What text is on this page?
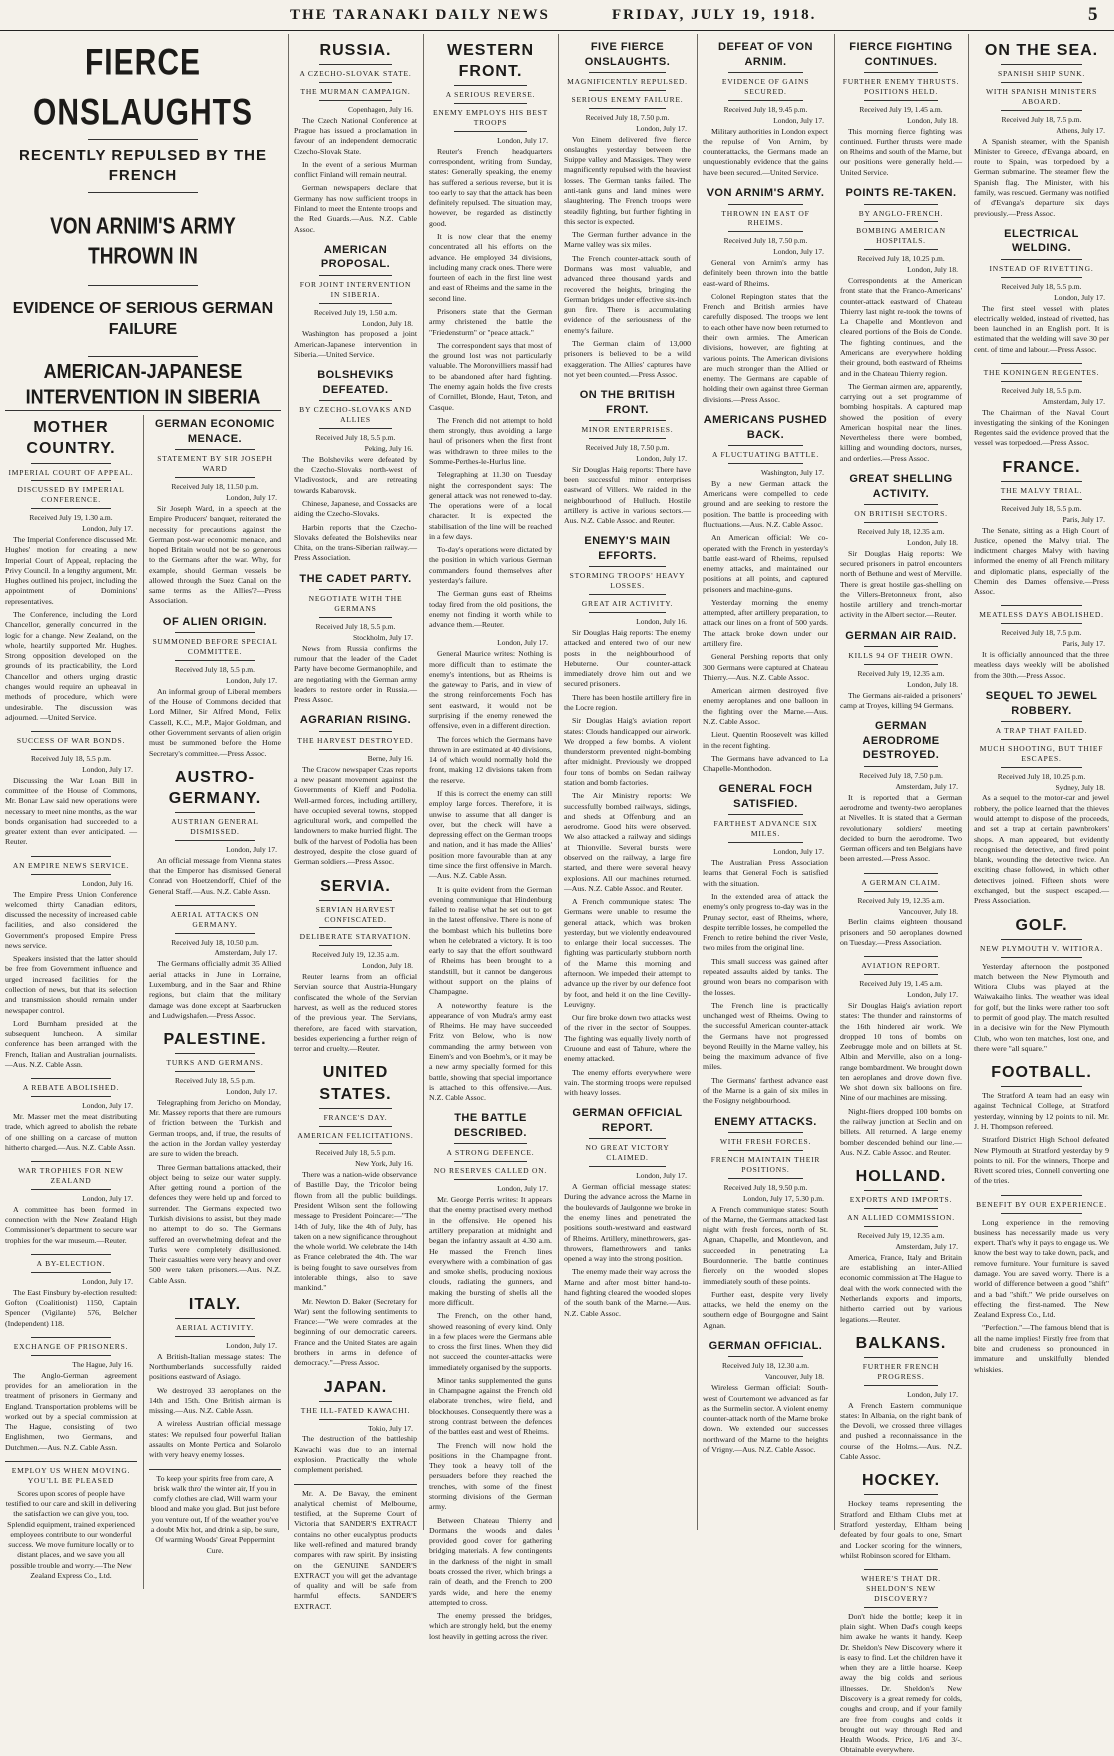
THE TARANAKI DAILY NEWS	FRIDAY, JULY 19, 1918.	5
FIERCE ONSLAUGHTS
RECENTLY REPULSED BY THE FRENCH
VON ARNIM'S ARMY THROWN IN
EVIDENCE OF SERIOUS GERMAN FAILURE
AMERICAN-JAPANESE INTERVENTION IN SIBERIA
MOTHER COUNTRY.
IMPERIAL COURT OF APPEAL.
DISCUSSED BY IMPERIAL CONFERENCE.
Received July 19, 1.30 a.m.
London, July 17.

The Imperial Conference discussed Mr. Hughes' motion for creating a new Imperial Court of Appeal, replacing the Privy Council. In a lengthy argument, Mr. Hughes outlined his project, including the appointment of Dominions' representatives.

The Conference, including the Lord Chancellor, generally concurred in the logic for a change. New Zealand, on the whole, heartily supported Mr. Hughes. Strong opposition developed on the grounds of its practicability, the Lord Chancellor and others urging drastic changes would require an upheaval in methods of procedure, which were undesirable. The discussion was adjourned. —United Service.

SUCCESS OF WAR BONDS.
Received July 18, 5.5 p.m.
London, July 17.

Discussing the War Loan Bill in committee of the House of Commons, Mr. Bonar Law said new operations were necessary to meet nine months, as the war bonds organisation had succeeded to a greater extent than ever anticipated. —Reuter.

AN EMPIRE NEWS SERVICE.
London, July 16.

The Empire Press Union Conference welcomed thirty Canadian editors, discussed the necessity of increased cable facilities, and also considered the Government's proposed Empire Press news service.

Speakers insisted that the latter should be free from Government influence and urged increased facilities for the collection of news, but that its selection and transmission should remain under newspaper control.

Lord Burnham presided at the subsequent luncheon. A similar conference has been arranged with the French, Italian and Australian journalists.—Aus. N.Z. Cable Assn.

A REBATE ABOLISHED.
London, July 17.

Mr. Masser met the meat distributing trade, which agreed to abolish the rebate of one shilling on a carcase of mutton hitherto charged.—Aus. N.Z. Cable Assn.

WAR TROPHIES FOR NEW ZEALAND
London, July 17.

A committee has been formed in connection with the New Zealand High Commissioner's department to secure war trophies for the war museum.—Reuter.

A BY-ELECTION.
London, July 17.

The East Finsbury by-election resulted: Gofton (Coalitionist) 1150, Captain Spencer (Vigilante) 576, Belcher (Independent) 118.

EXCHANGE OF PRISONERS.
The Hague, July 16.

The Anglo-German agreement provides for an amelioration in the treatment of prisoners in Germany and England. Transportation problems will be worked out by a special commission at The Hague, consisting of two Englishmen, two Germans, and Dutchmen.—Aus. N.Z. Cable Assn.

EMPLOY US WHEN MOVING. YOU'LL BE PLEASED

Scores upon scores of people have testified to our care and skill in delivering the satisfaction we can give you, too. Splendid equipment, trained experienced employees contribute to our wonderful success. We move furniture locally or to distant places, and we save you all possible trouble and worry.—The New Zealand Express Co., Ltd.

GERMAN ECONOMIC MENACE.
STATEMENT BY SIR JOSEPH WARD
Received July 18, 11.50 p.m.
London, July 17.

Sir Joseph Ward, in a speech at the Empire Producers' banquet, reiterated the necessity for precautions against the German post-war economic menace, and hoped Britain would not be so generous to the Germans after the war. Why, for example, should German vessels be allowed through the Suez Canal on the same terms as the Allies'?—Press Association.

OF ALIEN ORIGIN.
SUMMONED BEFORE SPECIAL COMMITTEE.
Received July 18, 5.5 p.m.
London, July 17.

An informal group of Liberal members of the House of Commons decided that Lord Milner, Sir Alfred Mond, Felix Cassell, K.C., M.P., Major Goldman, and other Government servants of alien origin must be summoned before the Home Secretary's committee.—Press Assoc.

AUSTRO-GERMANY.
AUSTRIAN GENERAL DISMISSED.
London, July 17.

An official message from Vienna states that the Emperor has dismissed General Conrad von Hoetzendorff, Chief of the General Staff.—Aus. N.Z. Cable Assn.

AERIAL ATTACKS ON GERMANY.
Received July 18, 10.50 p.m.
Amsterdam, July 17.

The Germans officially admit 35 Allied aerial attacks in June in Lorraine, Luxemburg, and in the Saar and Rhine regions, but claim that the military damage was done except at Saarbrucken and Ludwigshafen.—Press Assoc.

PALESTINE.
TURKS AND GERMANS.
Received July 18, 5.5 p.m.
London, July 17.

Telegraphing from Jericho on Monday, Mr. Massey reports that there are rumours of friction between the Turkish and German troops, and, if true, the results of the action in the Jordan valley yesterday are sure to widen the breach.

Three German battalions attacked, their object being to seize our water supply. After getting round a portion of the defences they were held up and forced to surrender. The Germans expected two Turkish divisions to assist, but they made no attempt to do so. The Germans suffered an overwhelming defeat and the Turks were completely disillusioned. Their casualties were very heavy and over 500 were taken prisoners.—Aus. N.Z. Cable Assn.

ITALY.
AERIAL ACTIVITY.
London, July 17.

A British-Italian message states: The Northumberlands successfully raided positions eastward of Asiago.

We destroyed 33 aeroplanes on the 14th and 15th. One British airman is missing.—Aus. N.Z. Cable Assn.

A wireless Austrian official message states: We repulsed four powerful Italian assaults on Monte Pertica and Solarolo with very heavy enemy losses.

To keep your spirits free from care, A brisk walk thro' the winter air, If you in comfy clothes are clad, Will warm your blood and make you glad. But just before you venture out, If of the weather you've a doubt Mix hot, and drink a sip, be sure, Of warming Woods' Great Peppermint Cure.

RUSSIA.
A CZECHO-SLOVAK STATE.
THE MURMAN CAMPAIGN.
Copenhagen, July 16.

The Czech National Conference at Prague has issued a proclamation in favour of an independent democratic Czecho-Slovak State.

In the event of a serious Murman conflict Finland will remain neutral.

German newspapers declare that Germany has now sufficient troops in Finland to meet the Entente troops and the Red Guards.—Aus. N.Z. Cable Assoc.

AMERICAN PROPOSAL.
FOR JOINT INTERVENTION IN SIBERIA.
Received July 19, 1.50 a.m.
London, July 18.

Washington has proposed a joint American-Japanese intervention in Siberia.—United Service.

BOLSHEVIKS DEFEATED.
BY CZECHO-SLOVAKS AND ALLIES
Received July 18, 5.5 p.m.
Peking, July 16.

The Bolsheviks were defeated by the Czecho-Slovaks north-west of Vladivostock, and are retreating towards Kabarovsk.

Chinese, Japanese, and Cossacks are aiding the Czecho-Slovaks.

Harbin reports that the Czecho-Slovaks defeated the Bolsheviks near Chita, on the trans-Siberian railway.—Press Association.

THE CADET PARTY.
NEGOTIATE WITH THE GERMANS
Received July 18, 5.5 p.m.
Stockholm, July 17.

News from Russia confirms the rumour that the leader of the Cadet Party have become Germanophile, and are negotiating with the German army leaders to restore order in Russia.—Press Assoc.

AGRARIAN RISING.
THE HARVEST DESTROYED.
Berne, July 16.

The Cracow newspaper Czas reports a new peasant movement against the Governments of Kieff and Podolia. Well-armed forces, including artillery, have occupied several towns, stopped agricultural work, and compelled the landowners to make hurried flight. The bulk of the harvest of Podolia has been destroyed, despite the close guard of German soldiers.—Press Assoc.

SERVIA.
SERVIAN HARVEST CONFISCATED.
DELIBERATE STARVATION.
Received July 19, 12.35 a.m.
London, July 18.

Reuter learns from an official Servian source that Austria-Hungary confiscated the whole of the Servian harvest, as well as the reduced stores of the previous year. The Servians, therefore, are faced with starvation, besides experiencing a further reign of terror and cruelty.—Reuter.

UNITED STATES.
FRANCE'S DAY.
AMERICAN FELICITATIONS.
Received July 18, 5.5 p.m.
New York, July 16.

There was a nation-wide observance of Bastille Day, the Tricolor being flown from all the public buildings. President Wilson sent the following message to President Poincare:—"The 14th of July, like the 4th of July, has taken on a new significance throughout the whole world. We celebrate the 14th as France celebrated the 4th. The war is being fought to save ourselves from intolerable things, also to save mankind."

Mr. Newton D. Baker (Secretary for War) sent the following sentiments to France:—"We were comrades at the beginning of our democratic careers. France and the United States are again brothers in arms in defence of democracy."—Press Assoc.

JAPAN.
THE ILL-FATED KAWACHI.
Tokio, July 17.

The destruction of the battleship Kawachi was due to an internal explosion. Practically the whole complement perished.

Mr. A. De Bavay, the eminent analytical chemist of Melbourne, testified, at the Supreme Court of Victoria that SANDER'S EXTRACT contains no other eucalyptus products like well-refined and matured brandy compares with raw spirit. By insisting on the GENUINE SANDER'S EXTRACT you will get the advantage of quality and will be safe from harmful effects. SANDER'S EXTRACT.

WESTERN FRONT.
A SERIOUS REVERSE.
ENEMY EMPLOYS HIS BEST TROOPS
London, July 17.

Reuter's French headquarters correspondent, writing from Sunday, states: Generally speaking, the enemy has suffered a serious reverse, but it is too early to say that the attack has been definitely repulsed. The situation may, however, be regarded as distinctly good.

It is now clear that the enemy concentrated all his efforts on the advance. He employed 34 divisions, including many crack ones. There were fourteen of each in the first line west and east of Rheims and the same in the second line.

Prisoners state that the German army christened the battle the "Friedensturm" or "peace attack."

The correspondent says that most of the ground lost was not particularly valuable. The Moronvilliers massif had to be abandoned after hard fighting. The enemy again holds the five crests of Cornillet, Blonde, Haut, Teton, and Casque.

The French did not attempt to hold them strongly, thus avoiding a large haul of prisoners when the first front was withdrawn to three miles to the Somme-Perthes-le-Hurlus line.

Telegraphing at 11.30 on Tuesday night the correspondent says: The general attack was not renewed to-day. The operations were of a local character. It is expected the stabilisation of the line will be reached in a few days.

To-day's operations were dictated by the position in which various German commanders found themselves after yesterday's failure.

The German guns east of Rheims today fired from the old positions, the enemy not finding it worth while to advance them.—Reuter.

London, July 17.

General Maurice writes: Nothing is more difficult than to estimate the enemy's intentions, but as Rheims is the gateway to Paris, and in view of the strong reinforcements Foch has sent eastward, it would not be surprising if the enemy renewed the offensive, even in a different direction.

The forces which the Germans have thrown in are estimated at 40 divisions, 14 of which would normally hold the front, making 12 divisions taken from the reserve.

If this is correct the enemy can still employ large forces. Therefore, it is unwise to assume that all danger is over, but the check will have a depressing effect on the German troops and nation, and it has made the Allies' position more favourable than at any time since the first offensive in March.—Aus. N.Z. Cable Assn.

It is quite evident from the German evening communique that Hindenburg failed to realise what he set out to get in the latest offensive. There is none of the bombast which his bulletins bore when he celebrated a victory. It is too early to say that the effort southward of Rheims has been brought to a standstill, but it cannot be dangerous without support on the plains of Champagne.

A noteworthy feature is the appearance of von Mudra's army east of Rheims. He may have succeeded Fritz von Below, who is now commanding the army between von Einem's and von Boehm's, or it may be a new army specially formed for this battle, showing that special importance is attached to this offensive.—Aus. N.Z. Cable Assoc.

THE BATTLE DESCRIBED.
A STRONG DEFENCE.
NO RESERVES CALLED ON.
London, July 17.

Mr. George Perris writes: It appears that the enemy practised every method in the offensive. He opened his artillery preparation at midnight and began the infantry assault at 4.30 a.m. He massed the French lines everywhere with a combination of gas and smoke shells, producing noxious clouds, radiating the gunners, and making the bursting of shells all the more difficult.

The French, on the other hand, showed reasoning of every kind. Only in a few places were the Germans able to cross the first lines. When they did not succeed the counter-attacks were immediately organised by the supports.

Minor tanks supplemented the guns in Champagne against the French old elaborate trenches, wire field, and blockhouses. Consequently there was a strong contrast between the defences of the battles east and west of Rheims.

The French will now hold the positions in the Champagne front. They took a heavy toll of the persuaders before they reached the trenches, with some of the finest storming divisions of the German army.

Between Chateau Thierry and Dormans the woods and dales provided good cover for gathering bridging materials. A few contingents in the darkness of the night in small boats crossed the river, which brings a rain of death, and the French to 200 yards wide, and here the enemy attempted to cross.

The enemy pressed the bridges, which are strongly held, but the enemy lost heavily in getting across the river.

FIVE FIERCE ONSLAUGHTS.
MAGNIFICENTLY REPULSED.
SERIOUS ENEMY FAILURE.
Received July 18, 7.50 p.m.
London, July 17.

Von Einem delivered five fierce onslaughts yesterday between the Suippe valley and Massiges. They were magnificently repulsed with the heaviest losses. The German tanks failed. The anti-tank guns and land mines were slaughtering. The French troops were steadily fighting, but further fighting in this sector is expected.

The German further advance in the Marne valley was six miles.

The French counter-attack south of Dormans was most valuable, and advanced three thousand yards and recovered the heights, bringing the German bridges under effective six-inch gun fire. There is accumulating evidence of the seriousness of the enemy's failure.

The German claim of 13,000 prisoners is believed to be a wild exaggeration. The Allies' captures have not yet been counted.—Press Assoc.

ON THE BRITISH FRONT.
MINOR ENTERPRISES.
Received July 18, 7.50 p.m.
London, July 17.

Sir Douglas Haig reports: There have been successful minor enterprises eastward of Villers. We raided in the neighbourhood of Hulluch. Hostile artillery is active in various sectors.—Aus. N.Z. Cable Assoc. and Reuter.

ENEMY'S MAIN EFFORTS.
STORMING TROOPS' HEAVY LOSSES.
GREAT AIR ACTIVITY.
London, July 16.

Sir Douglas Haig reports: The enemy attacked and entered two of our new posts in the neighbourhood of Hebuterne. Our counter-attack immediately drove him out and we secured prisoners.

There has been hostile artillery fire in the Locre region.

Sir Douglas Haig's aviation report states: Clouds handicapped our airwork. We dropped a few bombs. A violent thunderstorm prevented night-bombing after midnight. Previously we dropped four tons of bombs on Sedan railway station and bomb factories.

The Air Ministry reports: We successfully bombed railways, sidings, and sheds at Offenburg and an aerodrome. Good hits were observed. We also attacked a railway and sidings at Thionville. Several bursts were observed on the railway, a large fire started, and there were several heavy explosions. All our machines returned.—Aus. N.Z. Cable Assoc. and Reuter.

A French communique states: The Germans were unable to resume the general attack, which was broken yesterday, but we violently endeavoured to enlarge their local successes. The fighting was particularly stubborn north of the Marne this morning and afternoon. We impeded their attempt to advance up the river by our defence foot by foot, and held it on the line Cevilly-Leuvigny.

Our fire broke down two attacks west of the river in the sector of Souppes. The fighting was equally lively north of Cruoune and east of Tahure, where the enemy attacked.

The enemy efforts everywhere were vain. The storming troops were repulsed with heavy losses.

GERMAN OFFICIAL REPORT.
NO GREAT VICTORY CLAIMED.
London, July 17.

A German official message states: During the advance across the Marne in the boulevards of Jaulgonne we broke in the enemy lines and penetrated the positions south-westward and eastward of Rheims. Artillery, minethrowers, gas-throwers, flamethrowers and tanks opened a way into the strong position.

The enemy made their way across the Marne and after most bitter hand-to-hand fighting cleared the wooded slopes of the south bank of the Marne.—Aus. N.Z. Cable Assoc.

DEFEAT OF VON ARNIM.
EVIDENCE OF GAINS SECURED.
Received July 18, 9.45 p.m.
London, July 17.

Military authorities in London expect the repulse of Von Arnim, by counterattacks, the Germans made an unquestionably evidence that the gains have been secured.—United Service.

VON ARNIM'S ARMY.
THROWN IN EAST OF RHEIMS.
Received July 18, 7.50 p.m.
London, July 17.

General von Arnim's army has definitely been thrown into the battle east-ward of Rheims.

Colonel Repington states that the French and British armies have carefully disposed. The troops we lent to each other have now been returned to their own armies. The American divisions, however, are fighting at various points. The American divisions are much stronger than the Allied or enemy. The Germans are capable of holding their own against three German divisions.—Press Assoc.

AMERICANS PUSHED BACK.
A FLUCTUATING BATTLE.
Washington, July 17.

By a new German attack the Americans were compelled to cede ground and are seeking to restore the position. The battle is proceeding with fluctuations.—Aus. N.Z. Cable Assoc.

An American official: We co-operated with the French in yesterday's battle east-ward of Rheims, repulsed enemy attacks, and maintained our positions at all points, and captured prisoners and machine-guns.

Yesterday morning the enemy attempted, after artillery preparation, to attack our lines on a front of 500 yards. The attack broke down under our artillery fire.

General Pershing reports that only 300 Germans were captured at Chateau Thierry.—Aus. N.Z. Cable Assoc.

American airmen destroyed five enemy aeroplanes and one balloon in the fighting over the Marne.—Aus. N.Z. Cable Assoc.

Lieut. Quentin Roosevelt was killed in the recent fighting.

The Germans have advanced to La Chapelle-Monthodon.

GENERAL FOCH SATISFIED.
FARTHEST ADVANCE SIX MILES.
London, July 17.

The Australian Press Association learns that General Foch is satisfied with the situation.

In the extended area of attack the enemy's only progress to-day was in the Prunay sector, east of Rheims, where, despite terrible losses, he compelled the French to retire behind the river Vesle, two miles from the original line.

This small success was gained after repeated assaults aided by tanks. The ground won bears no comparison with the losses.

The French line is practically unchanged west of Rheims. Owing to the successful American counter-attack the Germans have not progressed beyond Reuilly in the Marne valley, his being the maximum advance of five miles.

The Germans' farthest advance east of the Marne is a gain of six miles in the Fosigny neighbourhood.

ENEMY ATTACKS.
WITH FRESH FORCES.
FRENCH MAINTAIN THEIR POSITIONS.
Received July 18, 9.50 p.m.
London, July 17, 5.30 p.m.

A French communique states: South of the Marne, the Germans attacked last night with fresh forces, north of St. Agnan, Chapelle, and Montlevon, and succeeded in penetrating La Bourdonnerie. The battle continues fiercely on the wooded slopes immediately south of these points.

Further east, despite very lively attacks, we held the enemy on the southern edge of Bourgogne and Saint Agnan.

GERMAN OFFICIAL.
Received July 18, 12.30 a.m.
Vancouver, July 18.

Wireless German official: South-west of Courtemont we advanced as far as the Surmelin sector. A violent enemy counter-attack north of the Marne broke down. We extended our successes northward of the Marne to the heights of Vrigny.—Aus. N.Z. Cable Assoc.

FIERCE FIGHTING CONTINUES.
FURTHER ENEMY THRUSTS. POSITIONS HELD.
Received July 19, 1.45 a.m.
London, July 18.

This morning fierce fighting was continued. Further thrusts were made on Rheims and south of the Marne, but our positions were generally held.—United Service.

POINTS RE-TAKEN.
BY ANGLO-FRENCH.
BOMBING AMERICAN HOSPITALS.
Received July 18, 10.25 p.m.
London, July 18.

Correspondents at the American front state that the Franco-Americans' counter-attack eastward of Chateau Thierry last night re-took the towns of La Chapelle and Montlevon and cleared portions of the Bois de Conde. The fighting continues, and the Americans are everywhere holding their ground, both eastward of Rheims and in the Chateau Thierry region.

The German airmen are, apparently, carrying out a set programme of bombing hospitals. A captured map showed the position of every American hospital near the lines. Nevertheless there were bombed, killing and wounding doctors, nurses, and orderlies.—Press Assoc.

GREAT SHELLING ACTIVITY.
ON BRITISH SECTORS.
Received July 18, 12.35 a.m.
London, July 18.

Sir Douglas Haig reports: We secured prisoners in patrol encounters north of Bethune and west of Merville. There is great hostile gas-shelling on the Villers-Bretonneux front, also hostile artillery and trench-mortar activity in the Albert sector.—Reuter.

GERMAN AIR RAID.
KILLS 94 OF THEIR OWN.
Received July 19, 12.35 a.m.
London, July 18.

The Germans air-raided a prisoners' camp at Troyes, killing 94 Germans.

GERMAN AERODROME DESTROYED.
Received July 18, 7.50 p.m.
Amsterdam, July 17.

It is reported that a German aerodrome and twenty-two aeroplanes at Nivelles. It is stated that a German revolutionary soldiers' meeting decided to burn the aerodrome. Two German officers and ten Belgians have been arrested.—Press Assoc.

A GERMAN CLAIM.
Received July 19, 12.35 a.m.
Vancouver, July 18.

Berlin claims eighteen thousand prisoners and 50 aeroplanes downed on Tuesday.—Press Association.

AVIATION REPORT.
Received July 19, 1.45 a.m.
London, July 17.

Sir Douglas Haig's aviation report states: The thunder and rainstorms of the 16th hindered air work. We dropped 10 tons of bombs on Zeebrugge mole and on billets at St. Albin and Merville, also on a long-range bombardment. We brought down ten aeroplanes and drove down five. We shot down six balloons on fire. Nine of our machines are missing.

Night-fliers dropped 100 bombs on the railway junction at Seclin and on billets. All returned. A large enemy bomber descended behind our line.—Aus. N.Z. Cable Assoc. and Reuter.

HOLLAND.
EXPORTS AND IMPORTS.
AN ALLIED COMMISSION.
Received July 19, 12.35 a.m.
Amsterdam, July 17.

America, France, Italy and Britain are establishing an inter-Allied economic commission at The Hague to deal with the work connected with the Netherlands exports and imports, hitherto carried out by various legations.—Reuter.

BALKANS.
FURTHER FRENCH PROGRESS.
London, July 17.

A French Eastern communique states: In Albania, on the right bank of the Devoli, we crossed three villages and pushed a reconnaissance in the course of the Holms.—Aus. N.Z. Cable Assoc.

HOCKEY.

Hockey teams representing the Stratford and Eltham Clubs met at Stratford yesterday, Eltham being defeated by four goals to one, Smart and Locker scoring for the winners, whilst Robinson scored for Eltham.

WHERE'S THAT DR. SHELDON'S NEW DISCOVERY?

Don't hide the bottle; keep it in plain sight. When Dad's cough keeps him awake he wants it handy. Keep Dr. Sheldon's New Discovery where it is easy to find. Let the children have it when they are a little hoarse. Keep away the big colds and serious illnesses. Dr. Sheldon's New Discovery is a great remedy for colds, coughs and croup, and if your family are free from coughs and colds it brought out way through Red and Health Woods. Price, 1/6 and 3/-. Obtainable everywhere.

ON THE SEA.
SPANISH SHIP SUNK.
WITH SPANISH MINISTERS ABOARD.
Received July 18, 7.5 p.m.
Athens, July 17.

A Spanish steamer, with the Spanish Minister to Greece, d'Evanga aboard, en route to Spain, was torpedoed by a German submarine. The steamer flew the Spanish flag. The Minister, with his family, was rescued. Germany was notified of d'Evanga's departure six days previously.—Press Assoc.

ELECTRICAL WELDING.
INSTEAD OF RIVETTING.
Received July 18, 5.5 p.m.
London, July 17.

The first steel vessel with plates electrically welded, instead of rivetted, has been launched in an English port. It is estimated that the welding will save 30 per cent. of time and labour.—Press Assoc.

THE KONINGEN REGENTES.
Received July 18, 5.5 p.m.
Amsterdam, July 17.

The Chairman of the Naval Court investigating the sinking of the Koningen Regentes said the evidence proved that the vessel was torpedoed.—Press Assoc.

FRANCE.
THE MALVY TRIAL.
Received July 18, 5.5 p.m.
Paris, July 17.

The Senate, sitting as a High Court of Justice, opened the Malvy trial. The indictment charges Malvy with having informed the enemy of all French military and diplomatic plans, especially of the Chemin des Dames offensive.—Press Assoc.

MEATLESS DAYS ABOLISHED.
Received July 18, 7.5 p.m.
Paris, July 17.

It is officially announced that the three meatless days weekly will be abolished from the 30th.—Press Assoc.

SEQUEL TO JEWEL ROBBERY.
A TRAP THAT FAILED.
MUCH SHOOTING, BUT THIEF ESCAPES.
Received July 18, 10.25 p.m.
Sydney, July 18.

As a sequel to the motor-car and jewel robbery, the police learned that the thieves would attempt to dispose of the proceeds, and set a trap at certain pawnbrokers' shops. A man appeared, but evidently recognised the detective, and fired point blank, wounding the detective twice. An exciting chase followed, in which other detectives joined. Fifteen shots were exchanged, but the suspect escaped.—Press Association.

GOLF.
NEW PLYMOUTH V. WITIORA.

Yesterday afternoon the postponed match between the New Plymouth and Witiora Clubs was played at the Waiwakaiho links. The weather was ideal for golf, but the links were rather too soft to permit of good play. The match resulted in a decisive win for the New Plymouth Club, who won ten matches, lost one, and there were "all square."

FOOTBALL.

The Stratford A team had an easy win against Technical College, at Stratford yesterday, winning by 12 points to nil. Mr. J. H. Thompson refereed.

Stratford District High School defeated New Plymouth at Stratford yesterday by 9 points to nil. For the winners, Thorpe and Rivett scored tries, Connell converting one of the tries.

BENEFIT BY OUR EXPERIENCE.

Long experience in the removing business has necessarily made us very expert. That's why it pays to engage us. We know the best way to take down, pack, and remove furniture. Your furniture is saved damage. You are saved worry. There is a world of difference between a good "shift" and a bad "shift." We pride ourselves on effecting the first-named. The New Zealand Express Co., Ltd.

"Perfection."—The famous blend that is all the name implies! Firstly free from that bite and crudeness so pronounced in immature and unskilfully blended whiskies.
